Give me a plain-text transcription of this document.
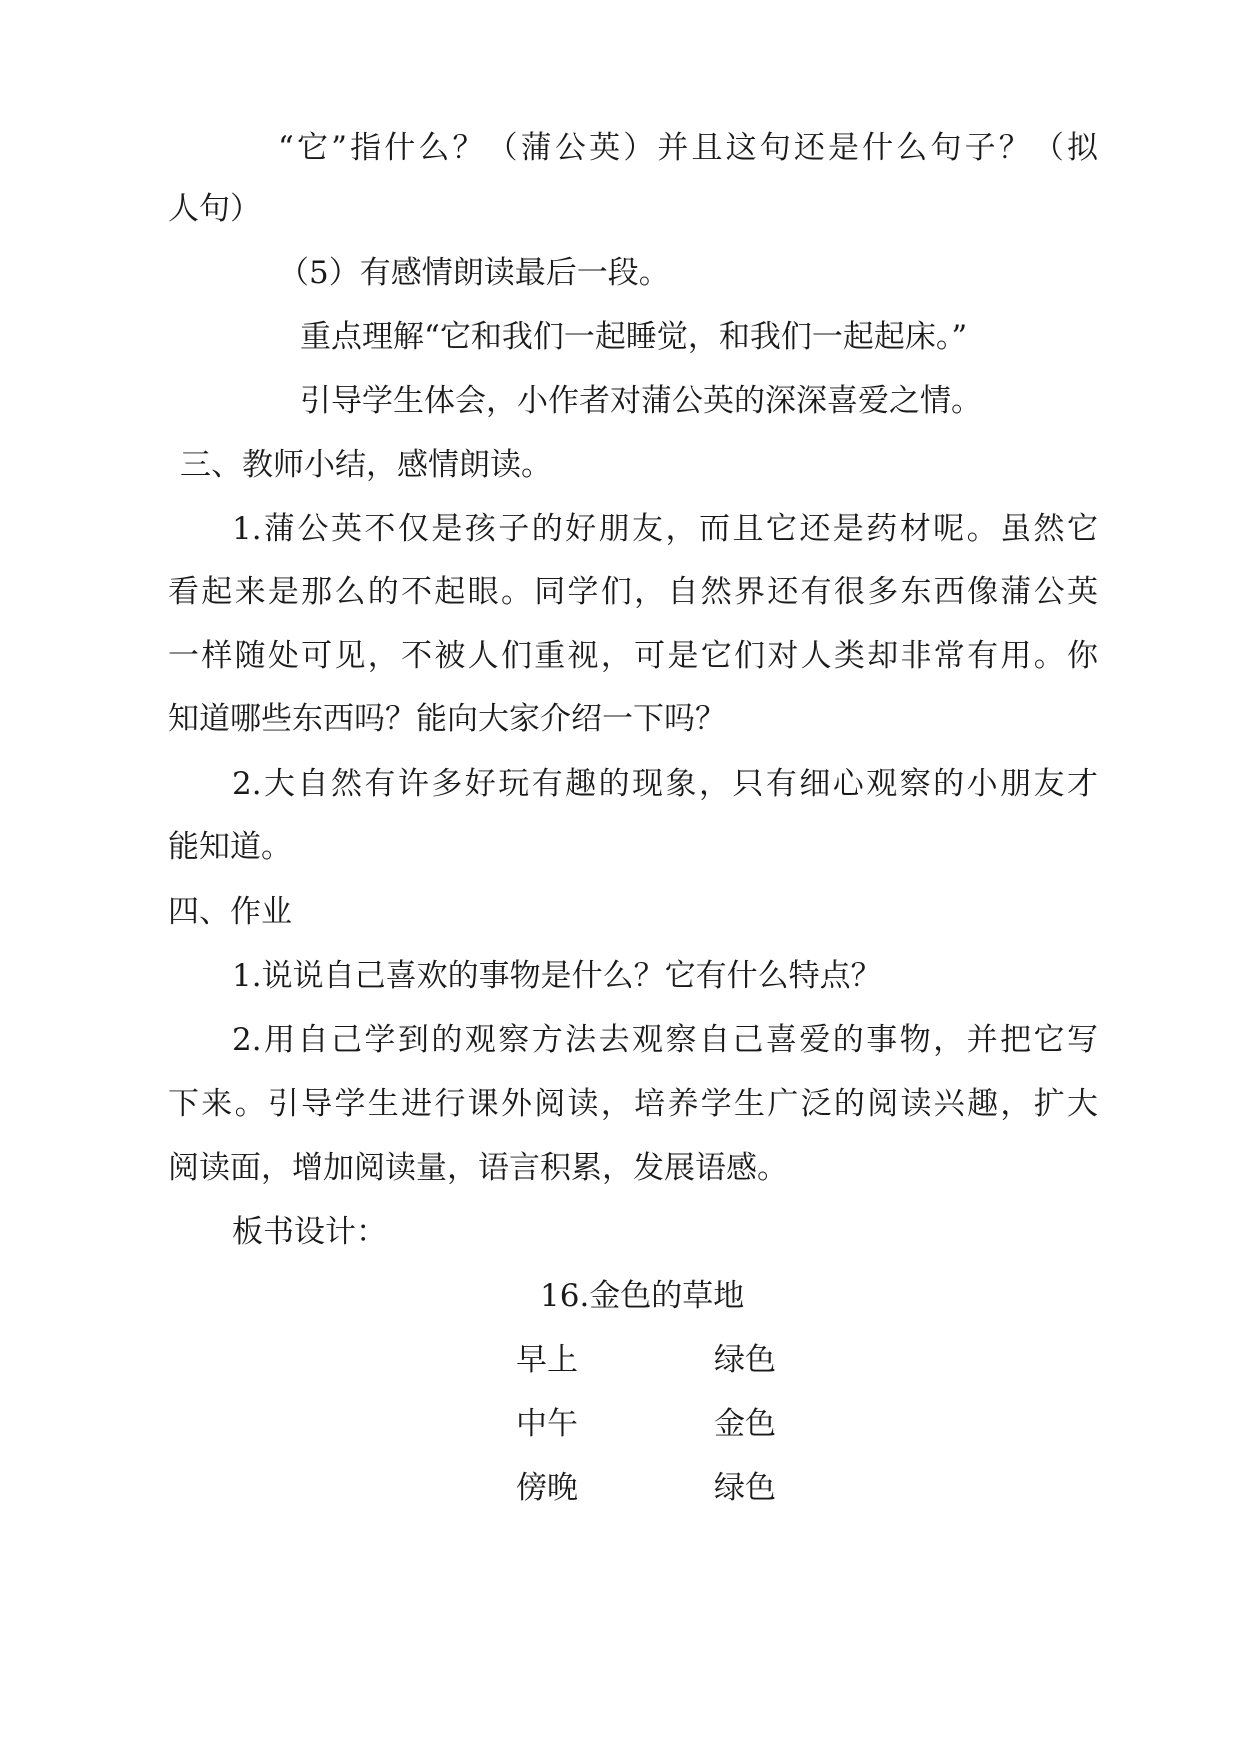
“它”指什么？（蒲公英）并且这句还是什么句子？（拟
人句）
（5）有感情朗读最后一段。
重点理解“它和我们一起睡觉，和我们一起起床。”
引导学生体会，小作者对蒲公英的深深喜爱之情。
三、教师小结，感情朗读。
1.蒲公英不仅是孩子的好朋友，而且它还是药材呢。虽然它
看起来是那么的不起眼。同学们，自然界还有很多东西像蒲公英
一样随处可见，不被人们重视，可是它们对人类却非常有用。你
知道哪些东西吗？能向大家介绍一下吗？
2.大自然有许多好玩有趣的现象，只有细心观察的小朋友才
能知道。
四、作业
1.说说自己喜欢的事物是什么？它有什么特点？
2.用自己学到的观察方法去观察自己喜爱的事物，并把它写
下来。引导学生进行课外阅读，培养学生广泛的阅读兴趣，扩大
阅读面，增加阅读量，语言积累，发展语感。
板书设计：
16.金色的草地
早上	绿色
中午	金色
傍晚	绿色
